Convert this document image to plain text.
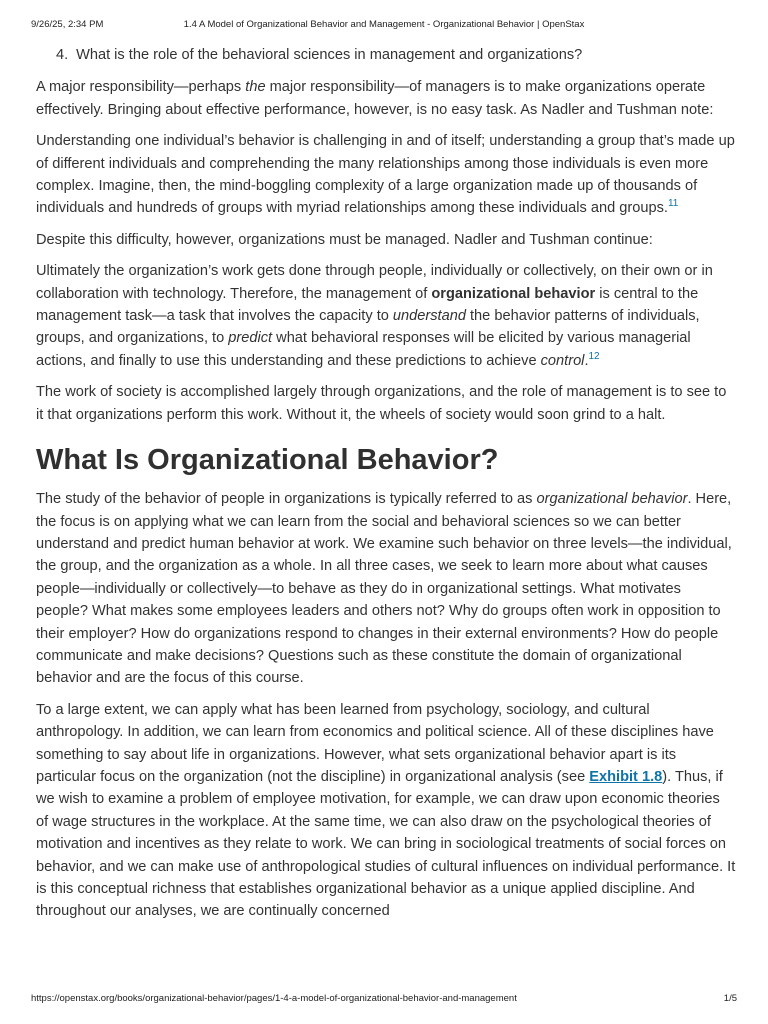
9/26/25, 2:34 PM	1.4 A Model of Organizational Behavior and Management - Organizational Behavior | OpenStax
4. What is the role of the behavioral sciences in management and organizations?

A major responsibility—perhaps the major responsibility—of managers is to make organizations operate effectively. Bringing about effective performance, however, is no easy task. As Nadler and Tushman note:

Understanding one individual’s behavior is challenging in and of itself; understanding a group that’s made up of different individuals and comprehending the many relationships among those individuals is even more complex. Imagine, then, the mind-boggling complexity of a large organization made up of thousands of individuals and hundreds of groups with myriad relationships among these individuals and groups.$^{11}$

Despite this difficulty, however, organizations must be managed. Nadler and Tushman continue:

Ultimately the organization’s work gets done through people, individually or collectively, on their own or in collaboration with technology. Therefore, the management of organizational behavior is central to the management task—a task that involves the capacity to understand the behavior patterns of individuals, groups, and organizations, to predict what behavioral responses will be elicited by various managerial actions, and finally to use this understanding and these predictions to achieve control.$^{12}$

The work of society is accomplished largely through organizations, and the role of management is to see to it that organizations perform this work. Without it, the wheels of society would soon grind to a halt.

What Is Organizational Behavior?

The study of the behavior of people in organizations is typically referred to as organizational behavior. Here, the focus is on applying what we can learn from the social and behavioral sciences so we can better understand and predict human behavior at work. We examine such behavior on three levels—the individual, the group, and the organization as a whole. In all three cases, we seek to learn more about what causes people—individually or collectively—to behave as they do in organizational settings. What motivates people? What makes some employees leaders and others not? Why do groups often work in opposition to their employer? How do organizations respond to changes in their external environments? How do people communicate and make decisions? Questions such as these constitute the domain of organizational behavior and are the focus of this course.

To a large extent, we can apply what has been learned from psychology, sociology, and cultural anthropology. In addition, we can learn from economics and political science. All of these disciplines have something to say about life in organizations. However, what sets organizational behavior apart is its particular focus on the organization (not the discipline) in organizational analysis (see Exhibit 1.8). Thus, if we wish to examine a problem of employee motivation, for example, we can draw upon economic theories of wage structures in the workplace. At the same time, we can also draw on the psychological theories of motivation and incentives as they relate to work. We can bring in sociological treatments of social forces on behavior, and we can make use of anthropological studies of cultural influences on individual performance. It is this conceptual richness that establishes organizational behavior as a unique applied discipline. And throughout our analyses, we are continually concerned

https://openstax.org/books/organizational-behavior/pages/1-4-a-model-of-organizational-behavior-and-management	1/5
